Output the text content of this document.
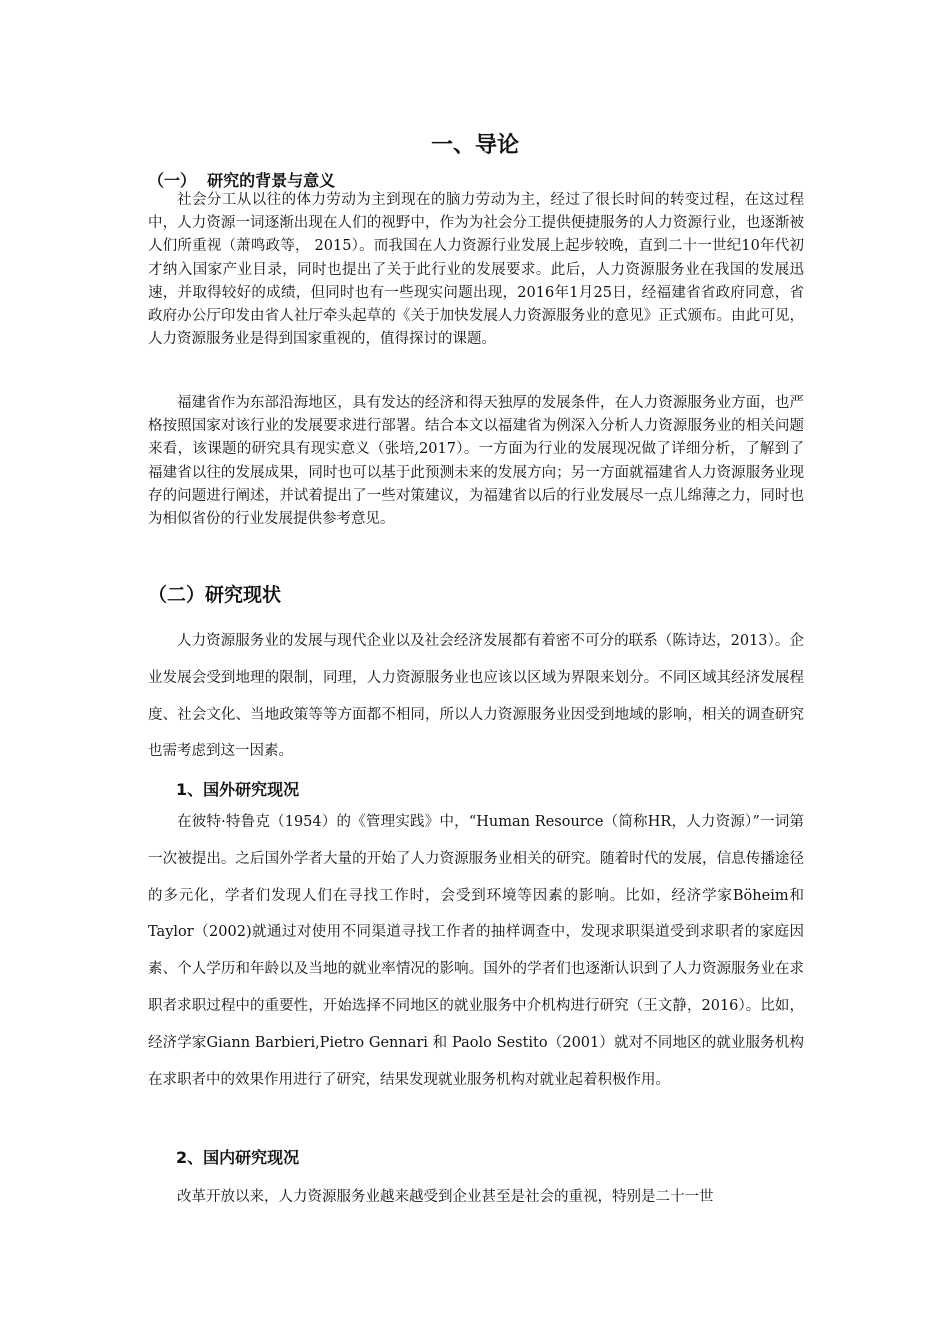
一、导论
（一）  研究的背景与意义

社会分工从以往的体力劳动为主到现在的脑力劳动为主，经过了很长时间的转变过程，在这过程中，人力资源一词逐渐出现在人们的视野中，作为为社会分工提供便捷服务的人力资源行业，也逐渐被人们所重视（萧鸣政等， 2015）。而我国在人力资源行业发展上起步较晚，直到二十一世纪10年代初才纳入国家产业目录，同时也提出了关于此行业的发展要求。此后，人力资源服务业在我国的发展迅速，并取得较好的成绩，但同时也有一些现实问题出现，2016年1月25日，经福建省省政府同意，省政府办公厅印发由省人社厅牵头起草的《关于加快发展人力资源服务业的意见》正式颁布。由此可见，人力资源服务业是得到国家重视的，值得探讨的课题。

福建省作为东部沿海地区，具有发达的经济和得天独厚的发展条件，在人力资源服务业方面，也严格按照国家对该行业的发展要求进行部署。结合本文以福建省为例深入分析人力资源服务业的相关问题来看，该课题的研究具有现实意义（张培,2017）。一方面为行业的发展现况做了详细分析，了解到了福建省以往的发展成果，同时也可以基于此预测未来的发展方向；另一方面就福建省人力资源服务业现存的问题进行阐述，并试着提出了一些对策建议，为福建省以后的行业发展尽一点儿绵薄之力，同时也为相似省份的行业发展提供参考意见。

（二）研究现状

人力资源服务业的发展与现代企业以及社会经济发展都有着密不可分的联系（陈诗达，2013）。企业发展会受到地理的限制，同理，人力资源服务业也应该以区域为界限来划分。不同区域其经济发展程度、社会文化、当地政策等等方面都不相同，所以人力资源服务业因受到地域的影响，相关的调查研究也需考虑到这一因素。

1、国外研究现况

在彼特·特鲁克（1954）的《管理实践》中，“Human Resource（简称HR，人力资源）”一词第一次被提出。之后国外学者大量的开始了人力资源服务业相关的研究。随着时代的发展，信息传播途径的多元化，学者们发现人们在寻找工作时，会受到环境等因素的影响。比如，经济学家Böheim和Taylor（2002)就通过对使用不同渠道寻找工作者的抽样调查中，发现求职渠道受到求职者的家庭因素、个人学历和年龄以及当地的就业率情况的影响。国外的学者们也逐渐认识到了人力资源服务业在求职者求职过程中的重要性，开始选择不同地区的就业服务中介机构进行研究（王文静，2016）。比如，经济学家Giann Barbieri,Pietro Gennari 和 Paolo Sestito（2001）就对不同地区的就业服务机构在求职者中的效果作用进行了研究，结果发现就业服务机构对就业起着积极作用。

2、国内研究现况

改革开放以来，人力资源服务业越来越受到企业甚至是社会的重视，特别是二十一世
